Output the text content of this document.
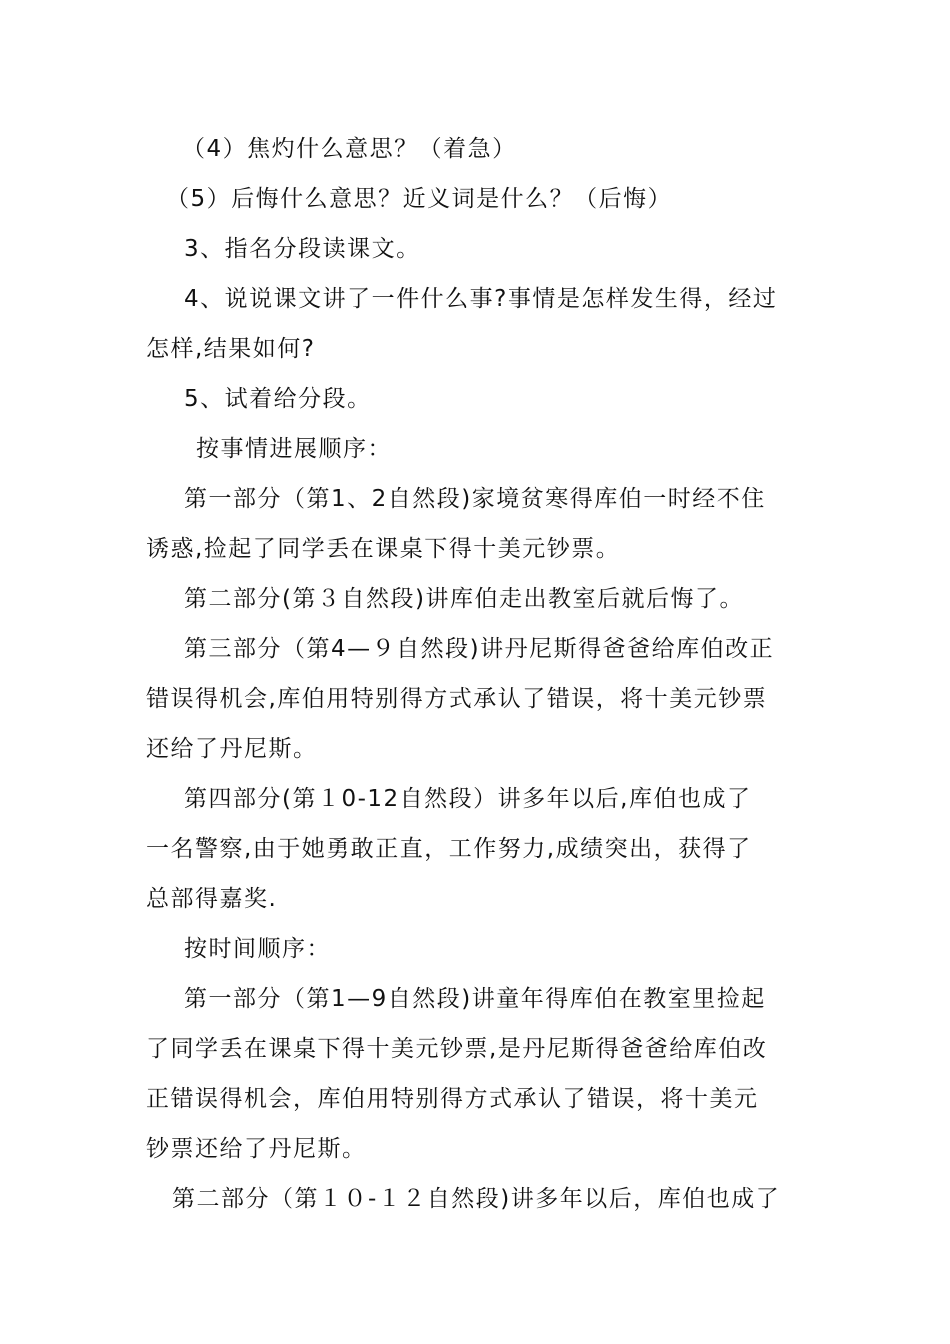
（4）焦灼什么意思？（着急）
（5）后悔什么意思？近义词是什么？（后悔）
3、指名分段读课文。
4、说说课文讲了一件什么事?事情是怎样发生得，经过
怎样,结果如何?
5、试着给分段。
按事情进展顺序：
第一部分（第1、2自然段)家境贫寒得库伯一时经不住
诱惑,捡起了同学丢在课桌下得十美元钞票。
第二部分(第３自然段)讲库伯走出教室后就后悔了。
第三部分（第4—９自然段)讲丹尼斯得爸爸给库伯改正
错误得机会,库伯用特别得方式承认了错误，将十美元钞票
还给了丹尼斯。
第四部分(第１0-12自然段）讲多年以后,库伯也成了
一名警察,由于她勇敢正直，工作努力,成绩突出，获得了
总部得嘉奖.
按时间顺序：
第一部分（第1—9自然段)讲童年得库伯在教室里捡起
了同学丢在课桌下得十美元钞票,是丹尼斯得爸爸给库伯改
正错误得机会，库伯用特别得方式承认了错误，将十美元
钞票还给了丹尼斯。
第二部分（第１０-１２自然段)讲多年以后，库伯也成了
